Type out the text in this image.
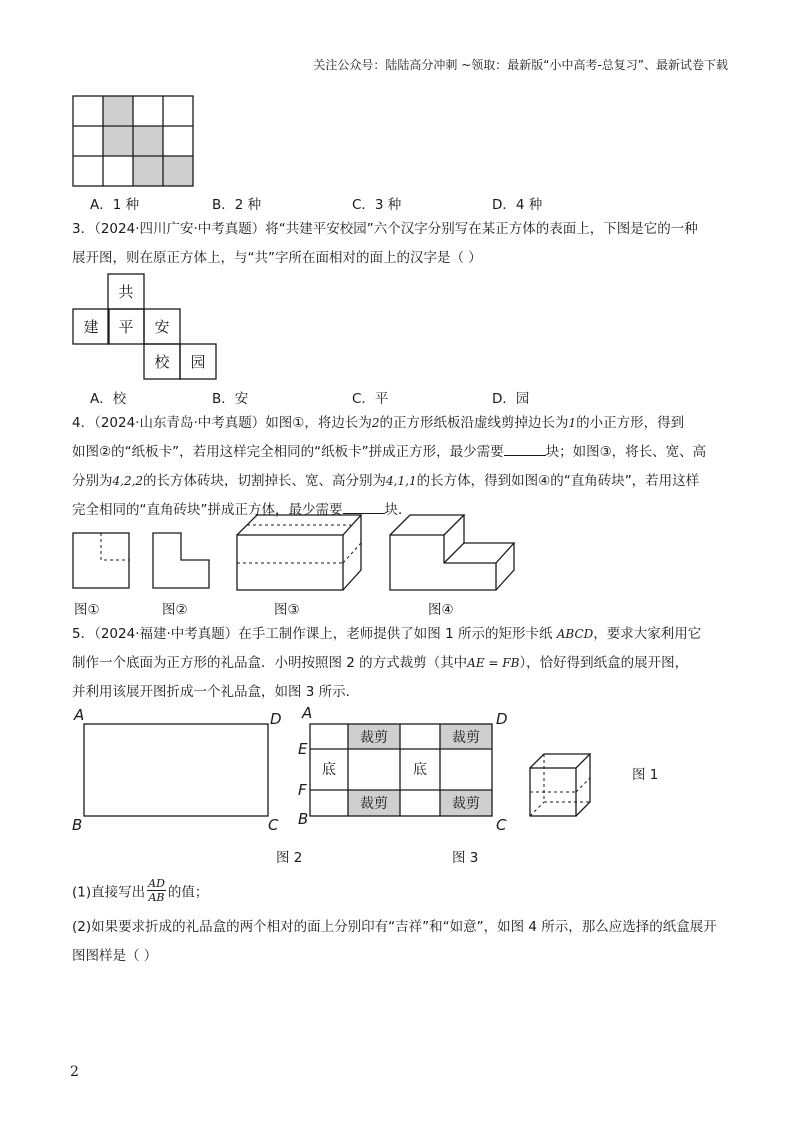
关注公众号：陆陆高分冲刺 ~领取：最新版“小中高考-总复习”、最新试卷下载
A．1 种	B．2 种	C．3 种	D．4 种
3．（2024·四川广安·中考真题）将“共建平安校园”六个汉字分别写在某正方体的表面上，下图是它的一种
展开图，则在原正方体上，与“共”字所在面相对的面上的汉字是（ ）
共
建 平 安
校 园
A．校	B．安	C．平	D．园
4．（2024·山东青岛·中考真题）如图①，将边长为2的正方形纸板沿虚线剪掉边长为1的小正方形，得到
如图②的“纸板卡”，若用这样完全相同的“纸板卡”拼成正方形，最少需要	块；如图③，将长、宽、高
分别为4,2,2的长方体砖块，切割掉长、宽、高分别为4,1,1的长方体，得到如图④的“直角砖块”，若用这样
完全相同的“直角砖块”拼成正方体，最少需要	块．
图①	图②	图③	图④
5．（2024·福建·中考真题）在手工制作课上，老师提供了如图 1 所示的矩形卡纸 ABCD，要求大家利用它
制作一个底面为正方形的礼品盒．小明按照图 2 的方式裁剪（其中AE = FB），恰好得到纸盒的展开图，
并利用该展开图折成一个礼品盒，如图 3 所示．
A	D
B	C
裁剪	裁剪
底	底
裁剪	裁剪
A	D
E
F
B	C
图 1
图 2	图 3
(1)直接写出 $\frac{AD}{AB}$ 的值；
(2)如果要求折成的礼品盒的两个相对的面上分别印有“吉祥”和“如意”，如图 4 所示，那么应选择的纸盒展开
图图样是（ ）
2
